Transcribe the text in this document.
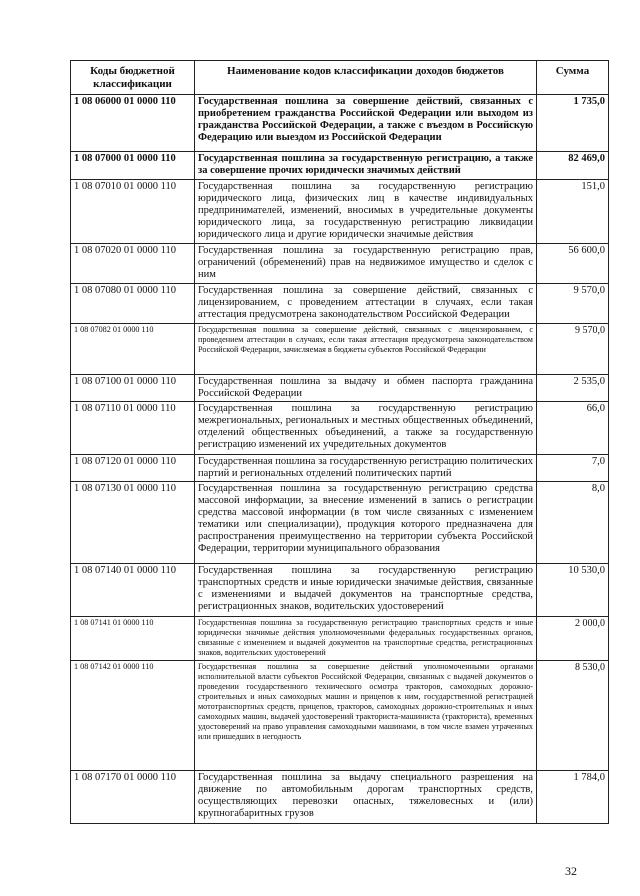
Коды бюджетной классификации	Наименование кодов классификации доходов бюджетов	Сумма
1 08 06000 01 0000 110	Государственная пошлина за совершение действий, связанных с приобретением гражданства Российской Федерации или выходом из гражданства Российской Федерации, а также с въездом в Российскую Федерацию или выездом из Российской Федерации	1 735,0
1 08 07000 01 0000 110	Государственная пошлина за государственную регистрацию, а также за совершение прочих юридически значимых действий	82 469,0
1 08 07010 01 0000 110	Государственная пошлина за государственную регистрацию юридического лица, физических лиц в качестве индивидуальных предпринимателей, изменений, вносимых в учредительные документы юридического лица, за государственную регистрацию ликвидации юридического лица и другие юридически значимые действия	151,0
1 08 07020 01 0000 110	Государственная пошлина за государственную регистрацию прав, ограничений (обременений) прав на недвижимое имущество и сделок с ним	56 600,0
1 08 07080 01 0000 110	Государственная пошлина за совершение действий, связанных с лицензированием, с проведением аттестации в случаях, если такая аттестация предусмотрена законодательством Российской Федерации	9 570,0
1 08 07082 01 0000 110	Государственная пошлина за совершение действий, связанных с лицензированием, с проведением аттестации в случаях, если такая аттестация предусмотрена законодательством Российской Федерации, зачисляемая в бюджеты субъектов Российской Федерации	9 570,0
1 08 07100 01 0000 110	Государственная пошлина за выдачу и обмен паспорта гражданина Российской Федерации	2 535,0
1 08 07110 01 0000 110	Государственная пошлина за государственную регистрацию межрегиональных, региональных и местных общественных объединений, отделений общественных объединений, а также за государственную регистрацию изменений их учредительных документов	66,0
1 08 07120 01 0000 110	Государственная пошлина за государственную регистрацию политических партий и региональных отделений политических партий	7,0
1 08 07130 01 0000 110	Государственная пошлина за государственную регистрацию средства массовой информации, за внесение изменений в запись о регистрации средства массовой информации (в том числе связанных с изменением тематики или специализации), продукция которого предназначена для распространения преимущественно на территории субъекта Российской Федерации, территории муниципального образования	8,0
1 08 07140 01 0000 110	Государственная пошлина за государственную регистрацию транспортных средств и иные юридически значимые действия, связанные с изменениями и выдачей документов на транспортные средства, регистрационных знаков, водительских удостоверений	10 530,0
1 08 07141 01 0000 110	Государственная пошлина за государственную регистрацию транспортных средств и иные юридически значимые действия уполномоченными федеральных государственных органов, связанные с изменением и выдачей документов на транспортные средства, регистрационных знаков, водительских удостоверений	2 000,0
1 08 07142 01 0000 110	Государственная пошлина за совершение действий уполномоченными органами исполнительной власти субъектов Российской Федерации, связанных с выдачей документов о проведении государственного технического осмотра тракторов, самоходных дорожно-строительных и иных самоходных машин и прицепов к ним, государственной регистрацией мототранспортных средств, прицепов, тракторов, самоходных дорожно-строительных и иных самоходных машин, выдачей удостоверений тракториста-машиниста (тракториста), временных удостоверений на право управления самоходными машинами, в том числе взамен утраченных или пришедших в негодность	8 530,0
1 08 07170 01 0000 110	Государственная пошлина за выдачу специального разрешения на движение по автомобильным дорогам транспортных средств, осуществляющих перевозки опасных, тяжеловесных и (или) крупногабаритных грузов	1 784,0
32
